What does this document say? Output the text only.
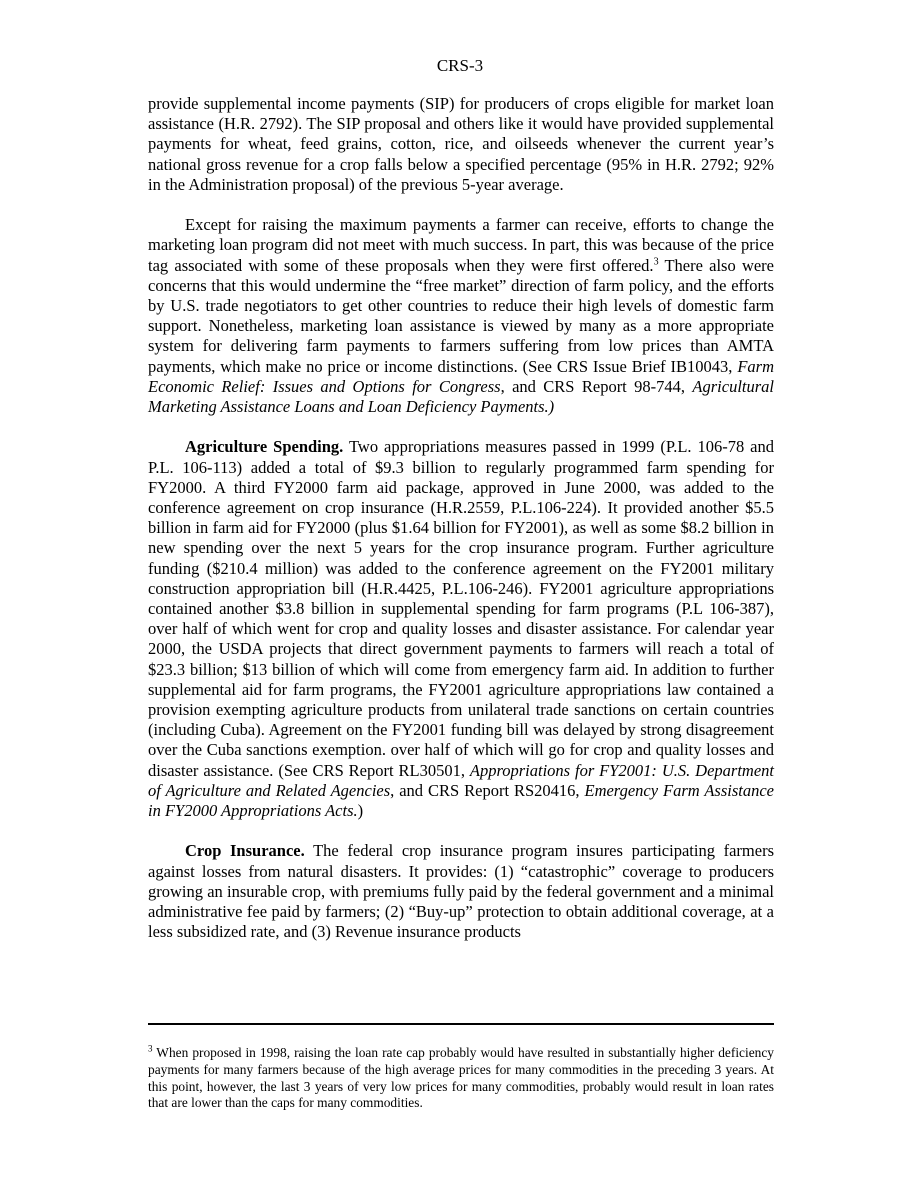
CRS-3

provide supplemental income payments (SIP) for producers of crops eligible for market loan assistance (H.R. 2792). The SIP proposal and others like it would have provided supplemental payments for wheat, feed grains, cotton, rice, and oilseeds whenever the current year’s national gross revenue for a crop falls below a specified percentage (95% in H.R. 2792; 92% in the Administration proposal) of the previous 5-year average.

Except for raising the maximum payments a farmer can receive, efforts to change the marketing loan program did not meet with much success. In part, this was because of the price tag associated with some of these proposals when they were first offered.$^3$ There also were concerns that this would undermine the “free market” direction of farm policy, and the efforts by U.S. trade negotiators to get other countries to reduce their high levels of domestic farm support. Nonetheless, marketing loan assistance is viewed by many as a more appropriate system for delivering farm payments to farmers suffering from low prices than AMTA payments, which make no price or income distinctions. (See CRS Issue Brief IB10043, Farm Economic Relief: Issues and Options for Congress, and CRS Report 98-744, Agricultural Marketing Assistance Loans and Loan Deficiency Payments.)

Agriculture Spending. Two appropriations measures passed in 1999 (P.L. 106-78 and P.L. 106-113) added a total of $9.3 billion to regularly programmed farm spending for FY2000. A third FY2000 farm aid package, approved in June 2000, was added to the conference agreement on crop insurance (H.R.2559, P.L.106-224). It provided another $5.5 billion in farm aid for FY2000 (plus $1.64 billion for FY2001), as well as some $8.2 billion in new spending over the next 5 years for the crop insurance program. Further agriculture funding ($210.4 million) was added to the conference agreement on the FY2001 military construction appropriation bill (H.R.4425, P.L.106-246). FY2001 agriculture appropriations contained another $3.8 billion in supplemental spending for farm programs (P.L 106-387), over half of which went for crop and quality losses and disaster assistance. For calendar year 2000, the USDA projects that direct government payments to farmers will reach a total of $23.3 billion; $13 billion of which will come from emergency farm aid. In addition to further supplemental aid for farm programs, the FY2001 agriculture appropriations law contained a provision exempting agriculture products from unilateral trade sanctions on certain countries (including Cuba). Agreement on the FY2001 funding bill was delayed by strong disagreement over the Cuba sanctions exemption. over half of which will go for crop and quality losses and disaster assistance. (See CRS Report RL30501, Appropriations for FY2001: U.S. Department of Agriculture and Related Agencies, and CRS Report RS20416, Emergency Farm Assistance in FY2000 Appropriations Acts.)

Crop Insurance. The federal crop insurance program insures participating farmers against losses from natural disasters. It provides: (1) “catastrophic” coverage to producers growing an insurable crop, with premiums fully paid by the federal government and a minimal administrative fee paid by farmers; (2) “Buy-up” protection to obtain additional coverage, at a less subsidized rate, and (3) Revenue insurance products

$^3$ When proposed in 1998, raising the loan rate cap probably would have resulted in substantially higher deficiency payments for many farmers because of the high average prices for many commodities in the preceding 3 years. At this point, however, the last 3 years of very low prices for many commodities, probably would result in loan rates that are lower than the caps for many commodities.
